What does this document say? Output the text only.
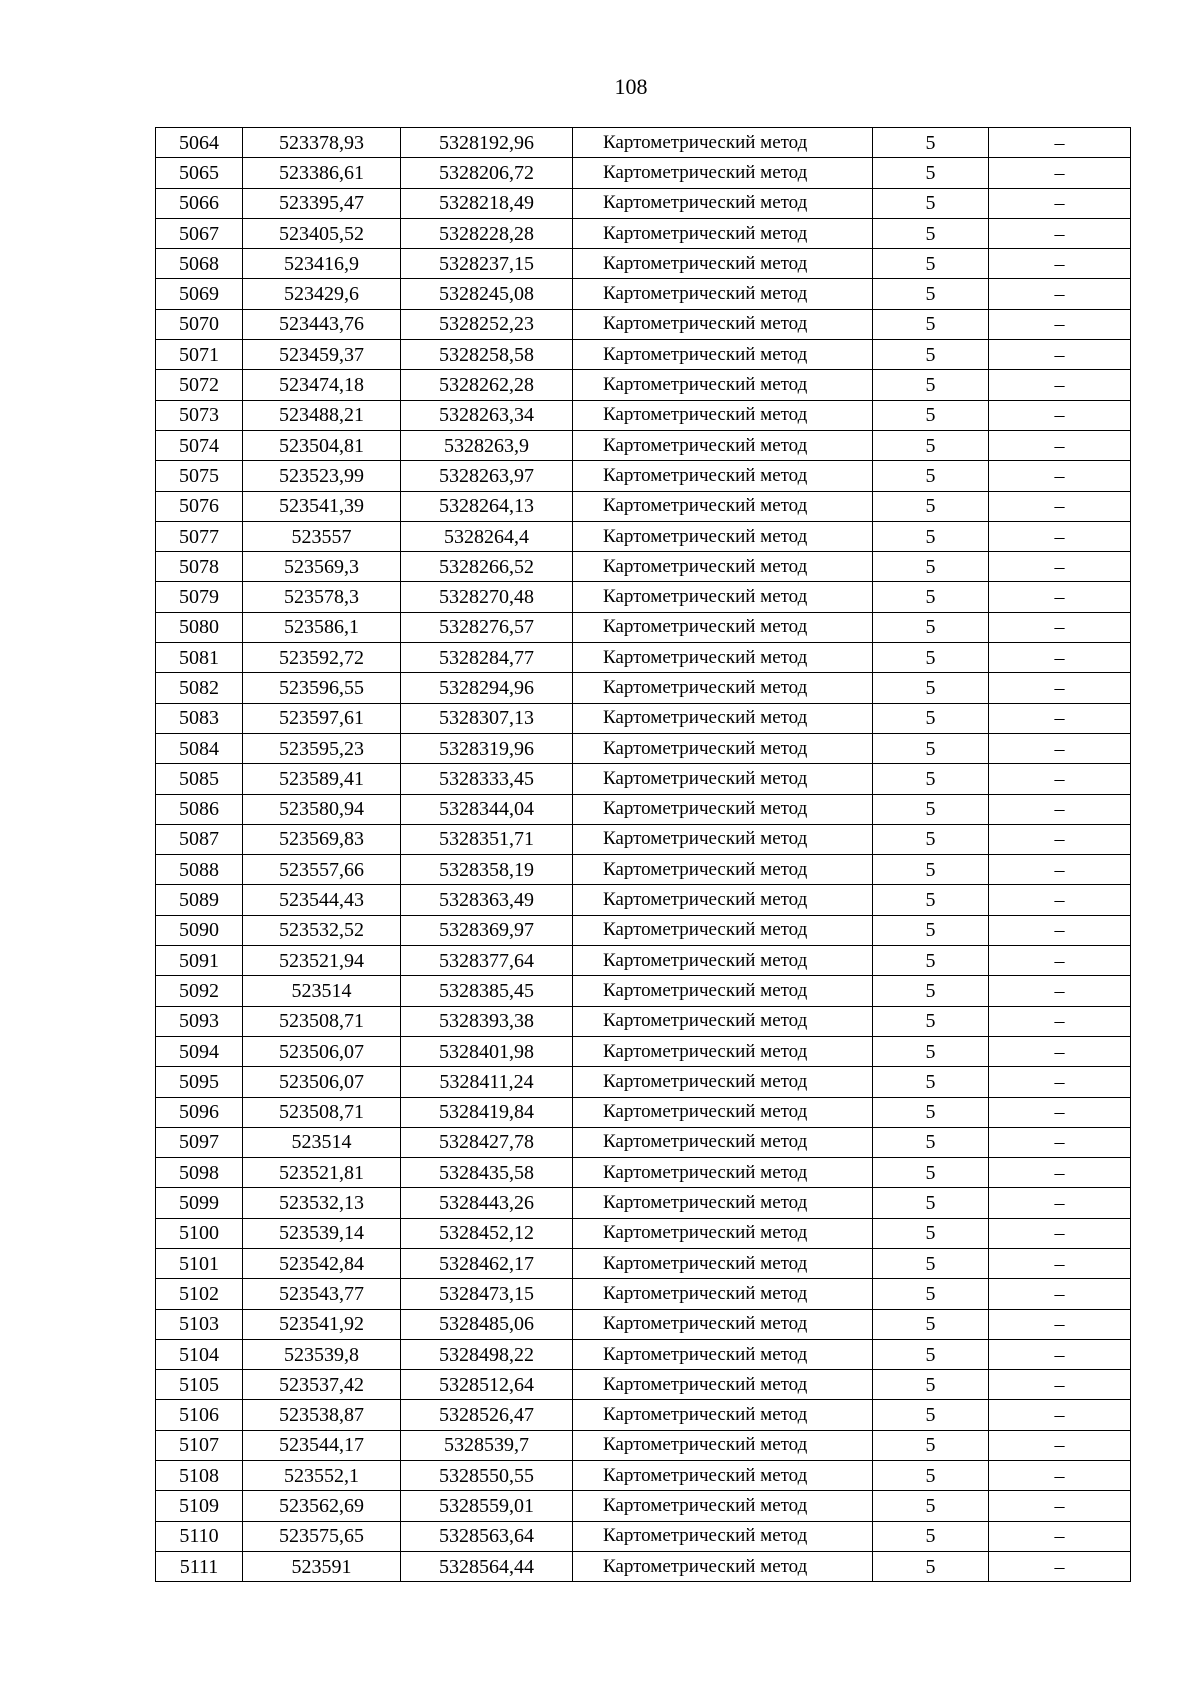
108
5064	523378,93	5328192,96	Картометрический метод	5	–
5065	523386,61	5328206,72	Картометрический метод	5	–
5066	523395,47	5328218,49	Картометрический метод	5	–
5067	523405,52	5328228,28	Картометрический метод	5	–
5068	523416,9	5328237,15	Картометрический метод	5	–
5069	523429,6	5328245,08	Картометрический метод	5	–
5070	523443,76	5328252,23	Картометрический метод	5	–
5071	523459,37	5328258,58	Картометрический метод	5	–
5072	523474,18	5328262,28	Картометрический метод	5	–
5073	523488,21	5328263,34	Картометрический метод	5	–
5074	523504,81	5328263,9	Картометрический метод	5	–
5075	523523,99	5328263,97	Картометрический метод	5	–
5076	523541,39	5328264,13	Картометрический метод	5	–
5077	523557	5328264,4	Картометрический метод	5	–
5078	523569,3	5328266,52	Картометрический метод	5	–
5079	523578,3	5328270,48	Картометрический метод	5	–
5080	523586,1	5328276,57	Картометрический метод	5	–
5081	523592,72	5328284,77	Картометрический метод	5	–
5082	523596,55	5328294,96	Картометрический метод	5	–
5083	523597,61	5328307,13	Картометрический метод	5	–
5084	523595,23	5328319,96	Картометрический метод	5	–
5085	523589,41	5328333,45	Картометрический метод	5	–
5086	523580,94	5328344,04	Картометрический метод	5	–
5087	523569,83	5328351,71	Картометрический метод	5	–
5088	523557,66	5328358,19	Картометрический метод	5	–
5089	523544,43	5328363,49	Картометрический метод	5	–
5090	523532,52	5328369,97	Картометрический метод	5	–
5091	523521,94	5328377,64	Картометрический метод	5	–
5092	523514	5328385,45	Картометрический метод	5	–
5093	523508,71	5328393,38	Картометрический метод	5	–
5094	523506,07	5328401,98	Картометрический метод	5	–
5095	523506,07	5328411,24	Картометрический метод	5	–
5096	523508,71	5328419,84	Картометрический метод	5	–
5097	523514	5328427,78	Картометрический метод	5	–
5098	523521,81	5328435,58	Картометрический метод	5	–
5099	523532,13	5328443,26	Картометрический метод	5	–
5100	523539,14	5328452,12	Картометрический метод	5	–
5101	523542,84	5328462,17	Картометрический метод	5	–
5102	523543,77	5328473,15	Картометрический метод	5	–
5103	523541,92	5328485,06	Картометрический метод	5	–
5104	523539,8	5328498,22	Картометрический метод	5	–
5105	523537,42	5328512,64	Картометрический метод	5	–
5106	523538,87	5328526,47	Картометрический метод	5	–
5107	523544,17	5328539,7	Картометрический метод	5	–
5108	523552,1	5328550,55	Картометрический метод	5	–
5109	523562,69	5328559,01	Картометрический метод	5	–
5110	523575,65	5328563,64	Картометрический метод	5	–
5111	523591	5328564,44	Картометрический метод	5	–
